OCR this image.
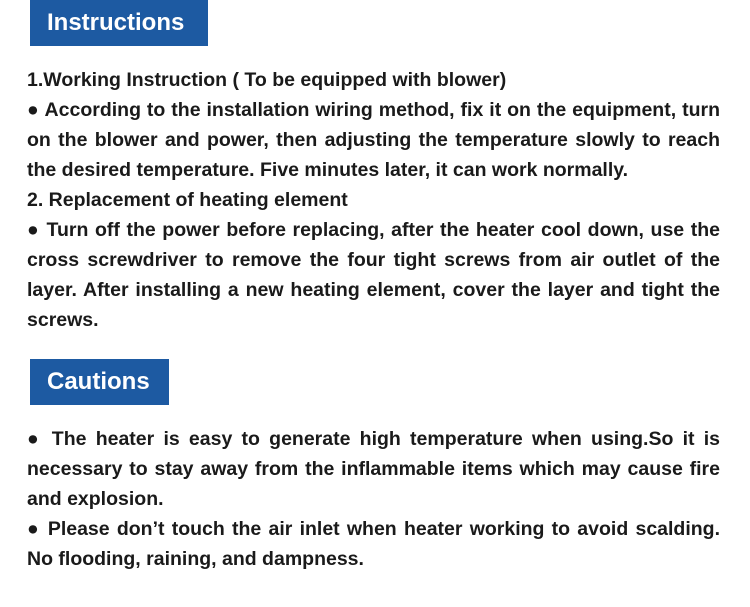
Instructions

1.Working Instruction ( To be equipped with blower)

● According to the installation wiring method, fix it on the equipment, turn on the blower and power, then adjusting the temperature slowly to reach the desired temperature. Five minutes later, it can work normally.

2. Replacement of heating element

● Turn off the power before replacing, after the heater cool down, use the cross screwdriver to remove the four tight screws from air outlet of the layer. After installing a new heating element, cover the layer and tight the screws.

Cautions

● The heater is easy to generate high temperature when using.So it is necessary to stay away from the inflammable items which may cause fire and explosion.

● Please don’t touch the air inlet when heater working to avoid scalding. No flooding, raining, and dampness.
